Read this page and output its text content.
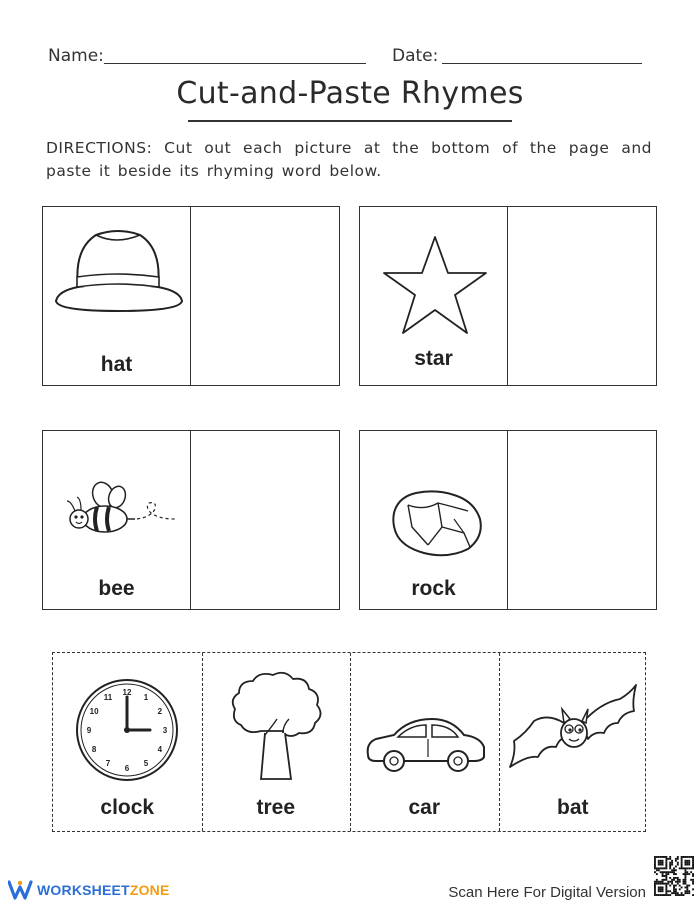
Name:	Date:
Cut-and-Paste Rhymes
DIRECTIONS: Cut out each picture at the bottom of the page and paste it beside its rhyming word below.
hat	star
bee	rock
12
1
2
3
4
5
6
7
8
9
10
11
clock	tree	car	bat
WORKSHEET ZONE	Scan Here For Digital Version
